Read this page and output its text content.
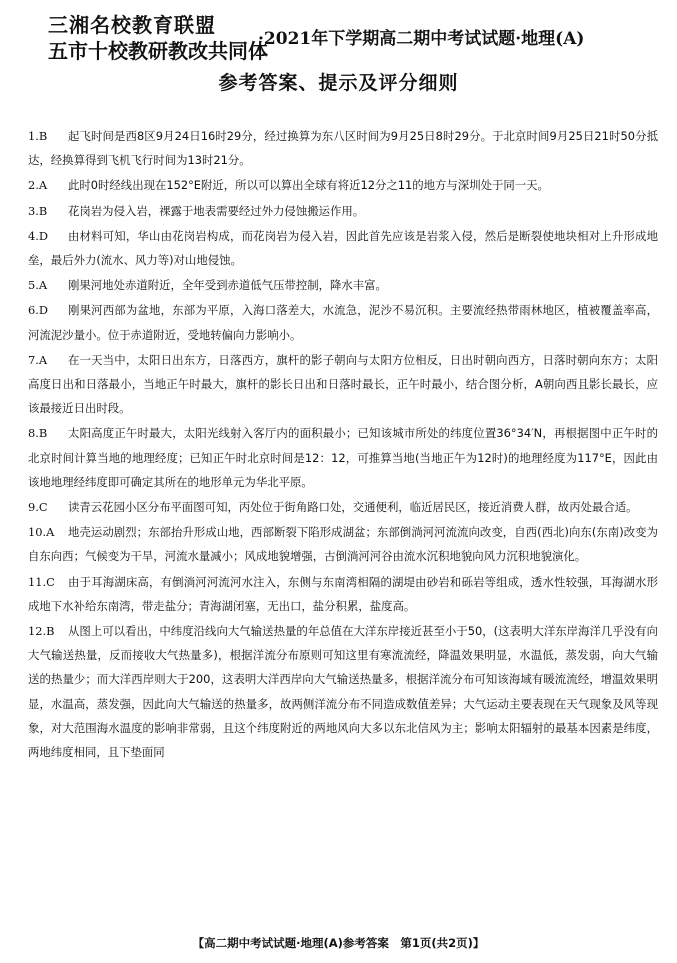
三湘名校教育联盟
五市十校教研教改共同体
·2021年下学期高二期中考试试题·地理(A)
参考答案、提示及评分细则
1.B	起飞时间是西8区9月24日16时29分，经过换算为东八区时间为9月25日8时29分。于北京时间9月25日21时50分抵达，经换算得到飞机飞行时间为13时21分。
2.A	此时0时经线出现在152°E附近，所以可以算出全球有将近12分之11的地方与深圳处于同一天。
3.B	花岗岩为侵入岩，裸露于地表需要经过外力侵蚀搬运作用。
4.D	由材料可知，华山由花岗岩构成，而花岗岩为侵入岩，因此首先应该是岩浆入侵，然后是断裂使地块相对上升形成地垒，最后外力(流水、风力等)对山地侵蚀。
5.A	刚果河地处赤道附近，全年受到赤道低气压带控制，降水丰富。
6.D	刚果河西部为盆地，东部为平原，入海口落差大，水流急，泥沙不易沉积。主要流经热带雨林地区，植被覆盖率高，河流泥沙量小。位于赤道附近，受地转偏向力影响小。
7.A	在一天当中，太阳日出东方，日落西方，旗杆的影子朝向与太阳方位相反，日出时朝向西方，日落时朝向东方；太阳高度日出和日落最小，当地正午时最大，旗杆的影长日出和日落时最长，正午时最小，结合图分析，A朝向西且影长最长，应该最接近日出时段。
8.B	太阳高度正午时最大，太阳光线射入客厅内的面积最小；已知该城市所处的纬度位置36°34′N，再根据图中正午时的北京时间计算当地的地理经度；已知正午时北京时间是12：12，可推算当地(当地正午为12时)的地理经度为117°E，因此由该地地理经纬度即可确定其所在的地形单元为华北平原。
9.C	读青云花园小区分布平面图可知，丙处位于街角路口处，交通便利，临近居民区，接近消费人群，故丙处最合适。
10.A	地壳运动剧烈；东部抬升形成山地，西部断裂下陷形成湖盆；东部倒淌河河流流向改变，自西(西北)向东(东南)改变为自东向西；气候变为干旱，河流水量减小；风成地貌增强，古倒淌河河谷由流水沉积地貌向风力沉积地貌演化。
11.C	由于耳海湖床高，有倒淌河河流河水注入，东侧与东南湾相隔的湖堤由砂岩和砾岩等组成，透水性较强，耳海湖水形成地下水补给东南湾，带走盐分；青海湖闭塞，无出口，盐分积累，盐度高。
12.B	从图上可以看出，中纬度沿线向大气输送热量的年总值在大洋东岸接近甚至小于50，(这表明大洋东岸海洋几乎没有向大气输送热量，反而接收大气热量多)，根据洋流分布原则可知这里有寒流流经，降温效果明显，水温低，蒸发弱，向大气输送的热量少；而大洋西岸则大于200，这表明大洋西岸向大气输送热量多，根据洋流分布可知该海域有暖流流经，增温效果明显，水温高，蒸发强，因此向大气输送的热量多，故两侧洋流分布不同造成数值差异；大气运动主要表现在天气现象及风等现象，对大范围海水温度的影响非常弱，且这个纬度附近的两地风向大多以东北信风为主；影响太阳辐射的最基本因素是纬度，两地纬度相同，且下垫面同
【高二期中考试试题·地理(A)参考答案　第1页(共2页)】
